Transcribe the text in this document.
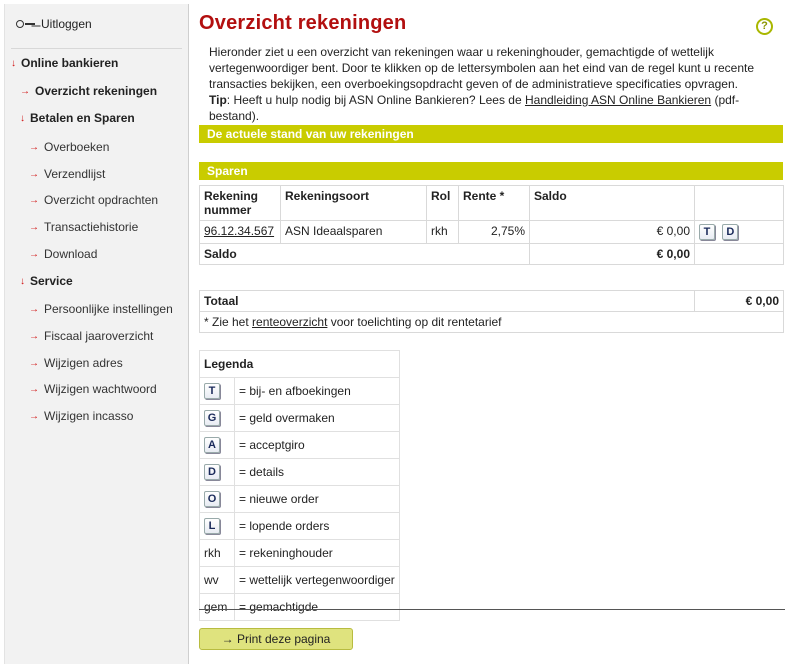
Uitloggen
↓ Online bankieren
→ Overzicht rekeningen
↓ Betalen en Sparen
→ Overboeken
→ Verzendlijst
→ Overzicht opdrachten
→ Transactiehistorie
→ Download
↓ Service
→ Persoonlijke instellingen
→ Fiscaal jaaroverzicht
→ Wijzigen adres
→ Wijzigen wachtwoord
→ Wijzigen incasso
Overzicht rekeningen	?
Hieronder ziet u een overzicht van rekeningen waar u rekeninghouder, gemachtigde of wettelijk vertegenwoordiger bent. Door te klikken op de lettersymbolen aan het eind van de regel kunt u recente transacties bekijken, een overboekingsopdracht geven of de administratieve specificaties opvragen.
Tip: Heeft u hulp nodig bij ASN Online Bankieren? Lees de Handleiding ASN Online Bankieren (pdf-bestand).
De actuele stand van uw rekeningen
Sparen
Rekening nummer	Rekeningsoort	Rol	Rente *	Saldo	
96.12.34.567	ASN Ideaalsparen	rkh	2,75%	€ 0,00	T D
Saldo				€ 0,00	
Totaal	€ 0,00
* Zie het renteoverzicht voor toelichting op dit rentetarief
Legenda	
T	= bij- en afboekingen
G	= geld overmaken
A	= acceptgiro
D	= details
O	= nieuwe order
L	= lopende orders
rkh	= rekeninghouder
wv	= wettelijk vertegenwoordiger
gem	= gemachtigde
→ Print deze pagina
